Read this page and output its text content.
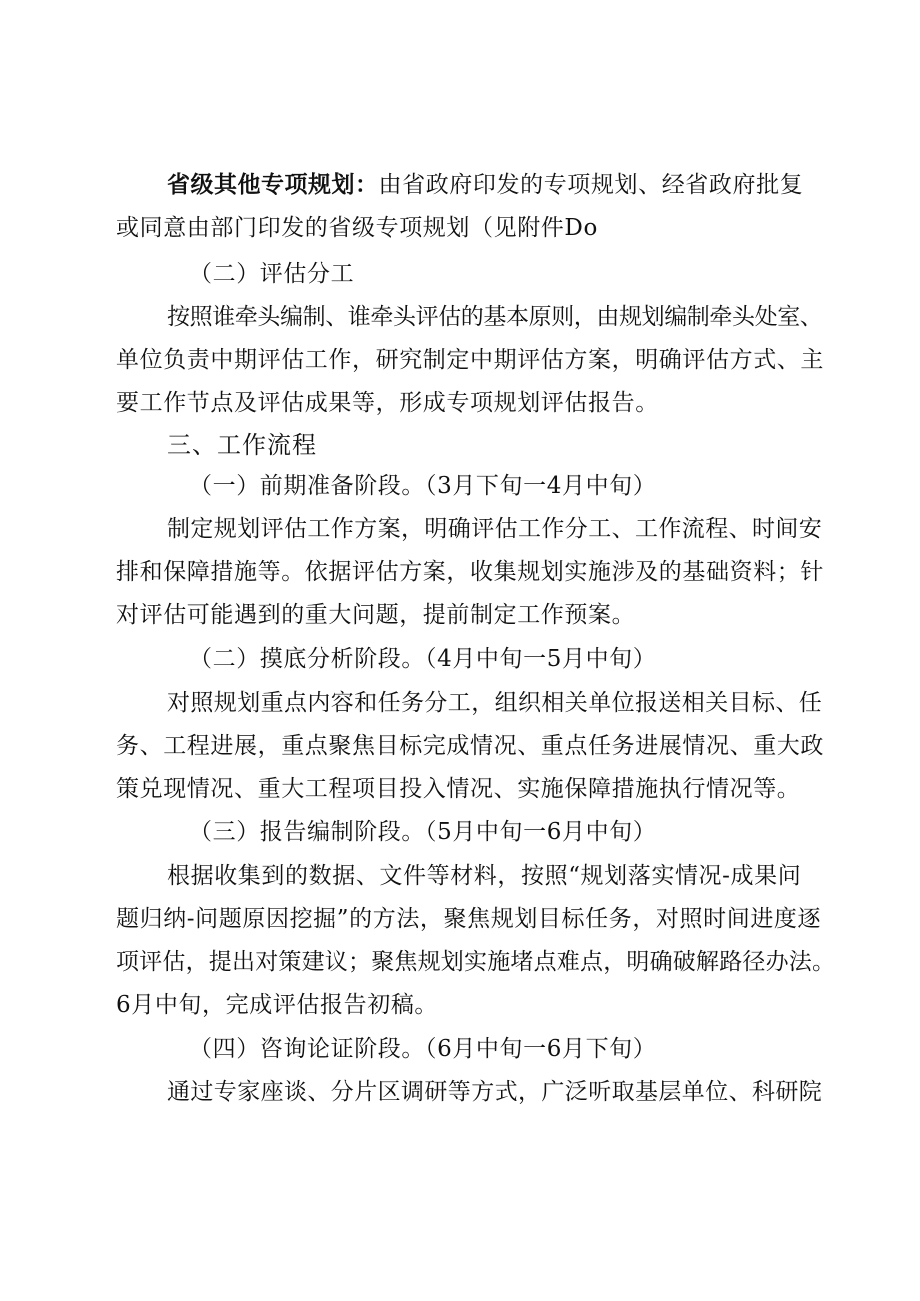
省级其他专项规划：由省政府印发的专项规划、经省政府批复
或同意由部门印发的省级专项规划（见附件Do
（二）评估分工
按照谁牵头编制、谁牵头评估的基本原则，由规划编制牵头处室、
单位负责中期评估工作，研究制定中期评估方案，明确评估方式、主
要工作节点及评估成果等，形成专项规划评估报告。
三、工作流程
（一）前期准备阶段。（3月下旬一4月中旬）
制定规划评估工作方案，明确评估工作分工、工作流程、时间安
排和保障措施等。依据评估方案，收集规划实施涉及的基础资料；针
对评估可能遇到的重大问题，提前制定工作预案。
（二）摸底分析阶段。（4月中旬一5月中旬）
对照规划重点内容和任务分工，组织相关单位报送相关目标、任
务、工程进展，重点聚焦目标完成情况、重点任务进展情况、重大政
策兑现情况、重大工程项目投入情况、实施保障措施执行情况等。
（三）报告编制阶段。（5月中旬一6月中旬）
根据收集到的数据、文件等材料，按照“规划落实情况-成果问
题归纳-问题原因挖掘”的方法，聚焦规划目标任务，对照时间进度逐
项评估，提出对策建议；聚焦规划实施堵点难点，明确破解路径办法。
6月中旬，完成评估报告初稿。
（四）咨询论证阶段。（6月中旬一6月下旬）
通过专家座谈、分片区调研等方式，广泛听取基层单位、科研院
